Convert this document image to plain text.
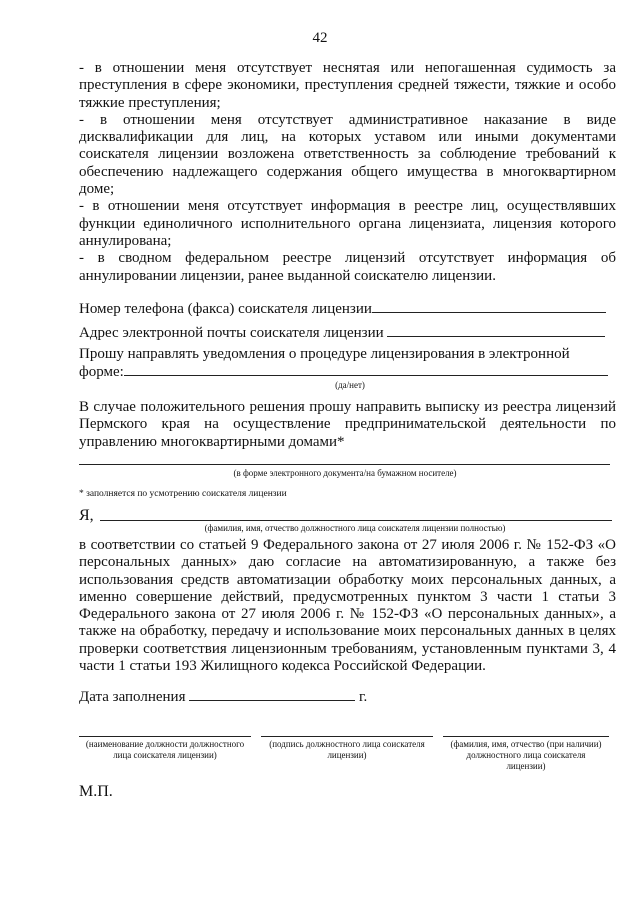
42

- в отношении меня отсутствует неснятая или непогашенная судимость за преступления в сфере экономики, преступления средней тяжести, тяжкие и особо тяжкие преступления;

- в отношении меня отсутствует административное наказание в виде дисквалификации для лиц, на которых уставом или иными документами соискателя лицензии возложена ответственность за соблюдение требований к обеспечению надлежащего содержания общего имущества в многоквартирном доме;

- в отношении меня отсутствует информация в реестре лиц, осуществлявших функции единоличного исполнительного органа лицензиата, лицензия которого аннулирована;

- в сводном федеральном реестре лицензий отсутствует информация об аннулировании лицензии, ранее выданной соискателю лицензии.

Номер телефона (факса) соискателя лицензии
Адрес электронной почты соискателя лицензии

Прошу направлять уведомления о процедуре лицензирования в электронной

форме:

(да/нет)
В случае положительного решения прошу направить выписку из реестра лицензий Пермского края на осуществление предпринимательской деятельности по управлению многоквартирными домами*
(в форме электронного документа/на бумажном носителе)
* заполняется по усмотрению соискателя лицензии
Я,
(фамилия, имя, отчество должностного лица соискателя лицензии полностью)
в соответствии со статьей 9 Федерального закона от 27 июля 2006 г. № 152-ФЗ «О персональных данных» даю согласие на автоматизированную, а также без использования средств автоматизации обработку моих персональных данных, а именно совершение действий, предусмотренных пунктом 3 части 1 статьи 3 Федерального закона от 27 июля 2006 г. № 152-ФЗ «О персональных данных», а также на обработку, передачу и использование моих персональных данных в целях проверки соответствия лицензионным требованиям, установленным пунктами 3, 4 части 1 статьи 193 Жилищного кодекса Российской Федерации.
Дата заполнения	г.
(наименование должности должностного лица соискателя лицензии)
(подпись должностного лица соискателя лицензии)
(фамилия, имя, отчество (при наличии) должностного лица соискателя лицензии)
М.П.
